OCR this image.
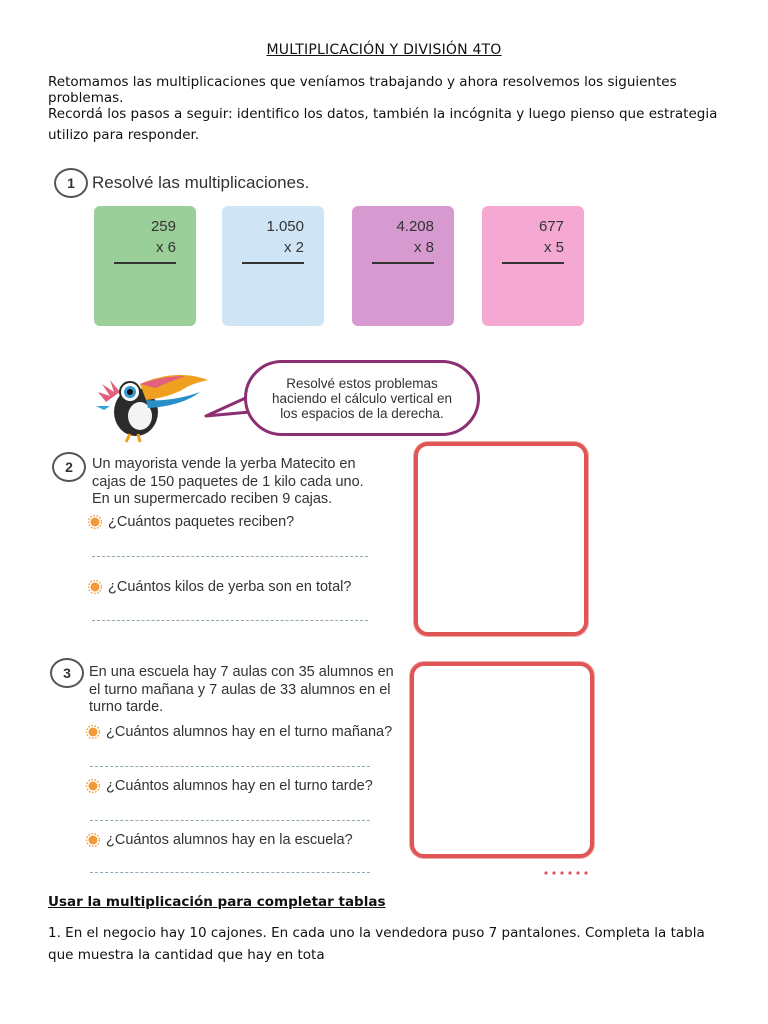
MULTIPLICACIÓN Y DIVISIÓN 4TO
Retomamos las multiplicaciones que veníamos trabajando y ahora resolvemos los siguientes problemas.
Recordá los pasos a seguir: identifico los datos, también la incógnita y luego pienso que estrategia utilizo para responder.
1	Resolvé las multiplicaciones.
259
x 6
1.050
x 2
4.208
x 8
677
x 5
Resolvé estos problemas
haciendo el cálculo vertical en
los espacios de la derecha.
2	Un mayorista vende la yerba Matecito en
cajas de 150 paquetes de 1 kilo cada uno.
En un supermercado reciben 9 cajas.
¿Cuántos paquetes reciben?
¿Cuántos kilos de yerba son en total?
3	En una escuela hay 7 aulas con 35 alumnos en
el turno mañana y 7 aulas de 33 alumnos en el
turno tarde.
¿Cuántos alumnos hay en el turno mañana?
¿Cuántos alumnos hay en el turno tarde?
¿Cuántos alumnos hay en la escuela?
Usar la multiplicación para completar tablas
1. En el negocio hay 10 cajones. En cada uno la vendedora puso 7 pantalones. Completa la tabla que muestra la cantidad que hay en tota
